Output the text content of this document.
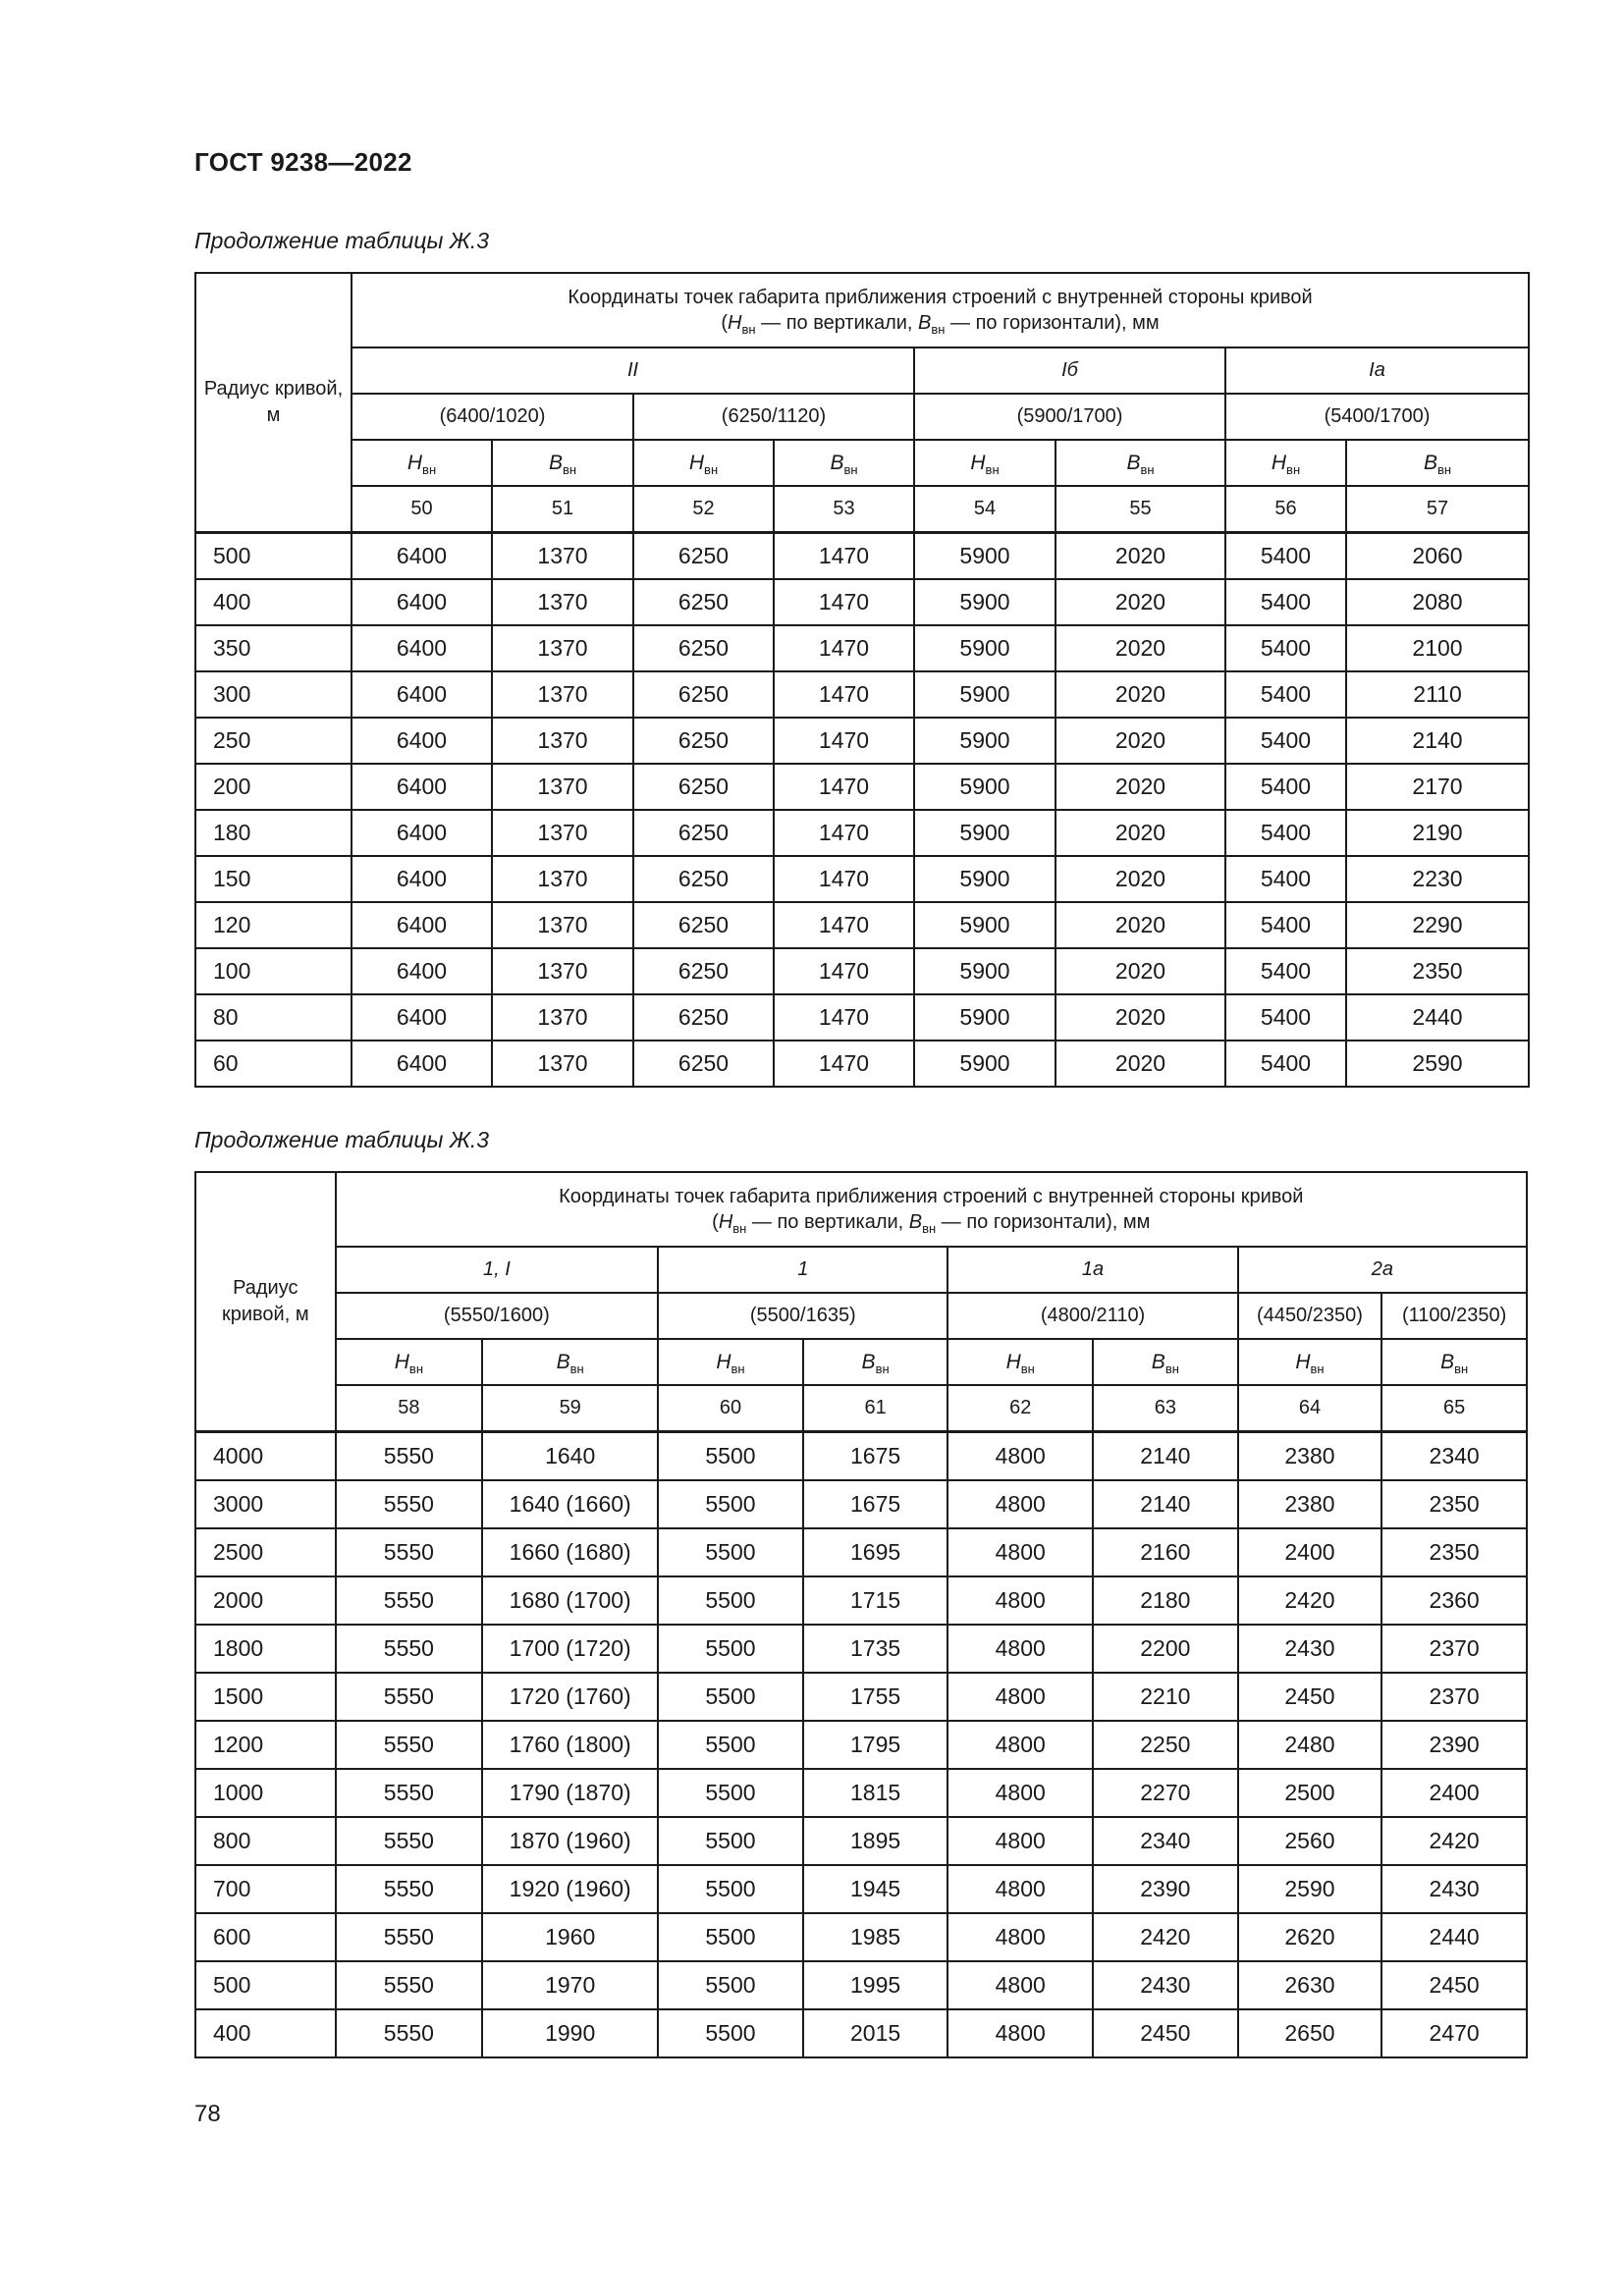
ГОСТ 9238—2022
Продолжение таблицы Ж.3
Радиус кривой, м	Координаты точек габарита приближения строений с внутренней стороны кривой
($H_{вн}$ — по вертикали, $B_{вн}$ — по горизонтали), мм							
	II				Iб		Iа	
	(6400/1020)		(6250/1120)		(5900/1700)		(5400/1700)	
	$H_{вн}$	$B_{вн}$	$H_{вн}$	$B_{вн}$	$H_{вн}$	$B_{вн}$	$H_{вн}$	$B_{вн}$
	50	51	52	53	54	55	56	57
500	6400	1370	6250	1470	5900	2020	5400	2060
400	6400	1370	6250	1470	5900	2020	5400	2080
350	6400	1370	6250	1470	5900	2020	5400	2100
300	6400	1370	6250	1470	5900	2020	5400	2110
250	6400	1370	6250	1470	5900	2020	5400	2140
200	6400	1370	6250	1470	5900	2020	5400	2170
180	6400	1370	6250	1470	5900	2020	5400	2190
150	6400	1370	6250	1470	5900	2020	5400	2230
120	6400	1370	6250	1470	5900	2020	5400	2290
100	6400	1370	6250	1470	5900	2020	5400	2350
80	6400	1370	6250	1470	5900	2020	5400	2440
60	6400	1370	6250	1470	5900	2020	5400	2590
Продолжение таблицы Ж.3
Радиус кривой, м	Координаты точек габарита приближения строений с внутренней стороны кривой
($H_{вн}$ — по вертикали, $B_{вн}$ — по горизонтали), мм							
	1, I		1		1а		2а	
	(5550/1600)		(5500/1635)		(4800/2110)		(4450/2350)	(1100/2350)
	$H_{вн}$	$B_{вн}$	$H_{вн}$	$B_{вн}$	$H_{вн}$	$B_{вн}$	$H_{вн}$	$B_{вн}$
	58	59	60	61	62	63	64	65
4000	5550	1640	5500	1675	4800	2140	2380	2340
3000	5550	1640 (1660)	5500	1675	4800	2140	2380	2350
2500	5550	1660 (1680)	5500	1695	4800	2160	2400	2350
2000	5550	1680 (1700)	5500	1715	4800	2180	2420	2360
1800	5550	1700 (1720)	5500	1735	4800	2200	2430	2370
1500	5550	1720 (1760)	5500	1755	4800	2210	2450	2370
1200	5550	1760 (1800)	5500	1795	4800	2250	2480	2390
1000	5550	1790 (1870)	5500	1815	4800	2270	2500	2400
800	5550	1870 (1960)	5500	1895	4800	2340	2560	2420
700	5550	1920 (1960)	5500	1945	4800	2390	2590	2430
600	5550	1960	5500	1985	4800	2420	2620	2440
500	5550	1970	5500	1995	4800	2430	2630	2450
400	5550	1990	5500	2015	4800	2450	2650	2470
78
